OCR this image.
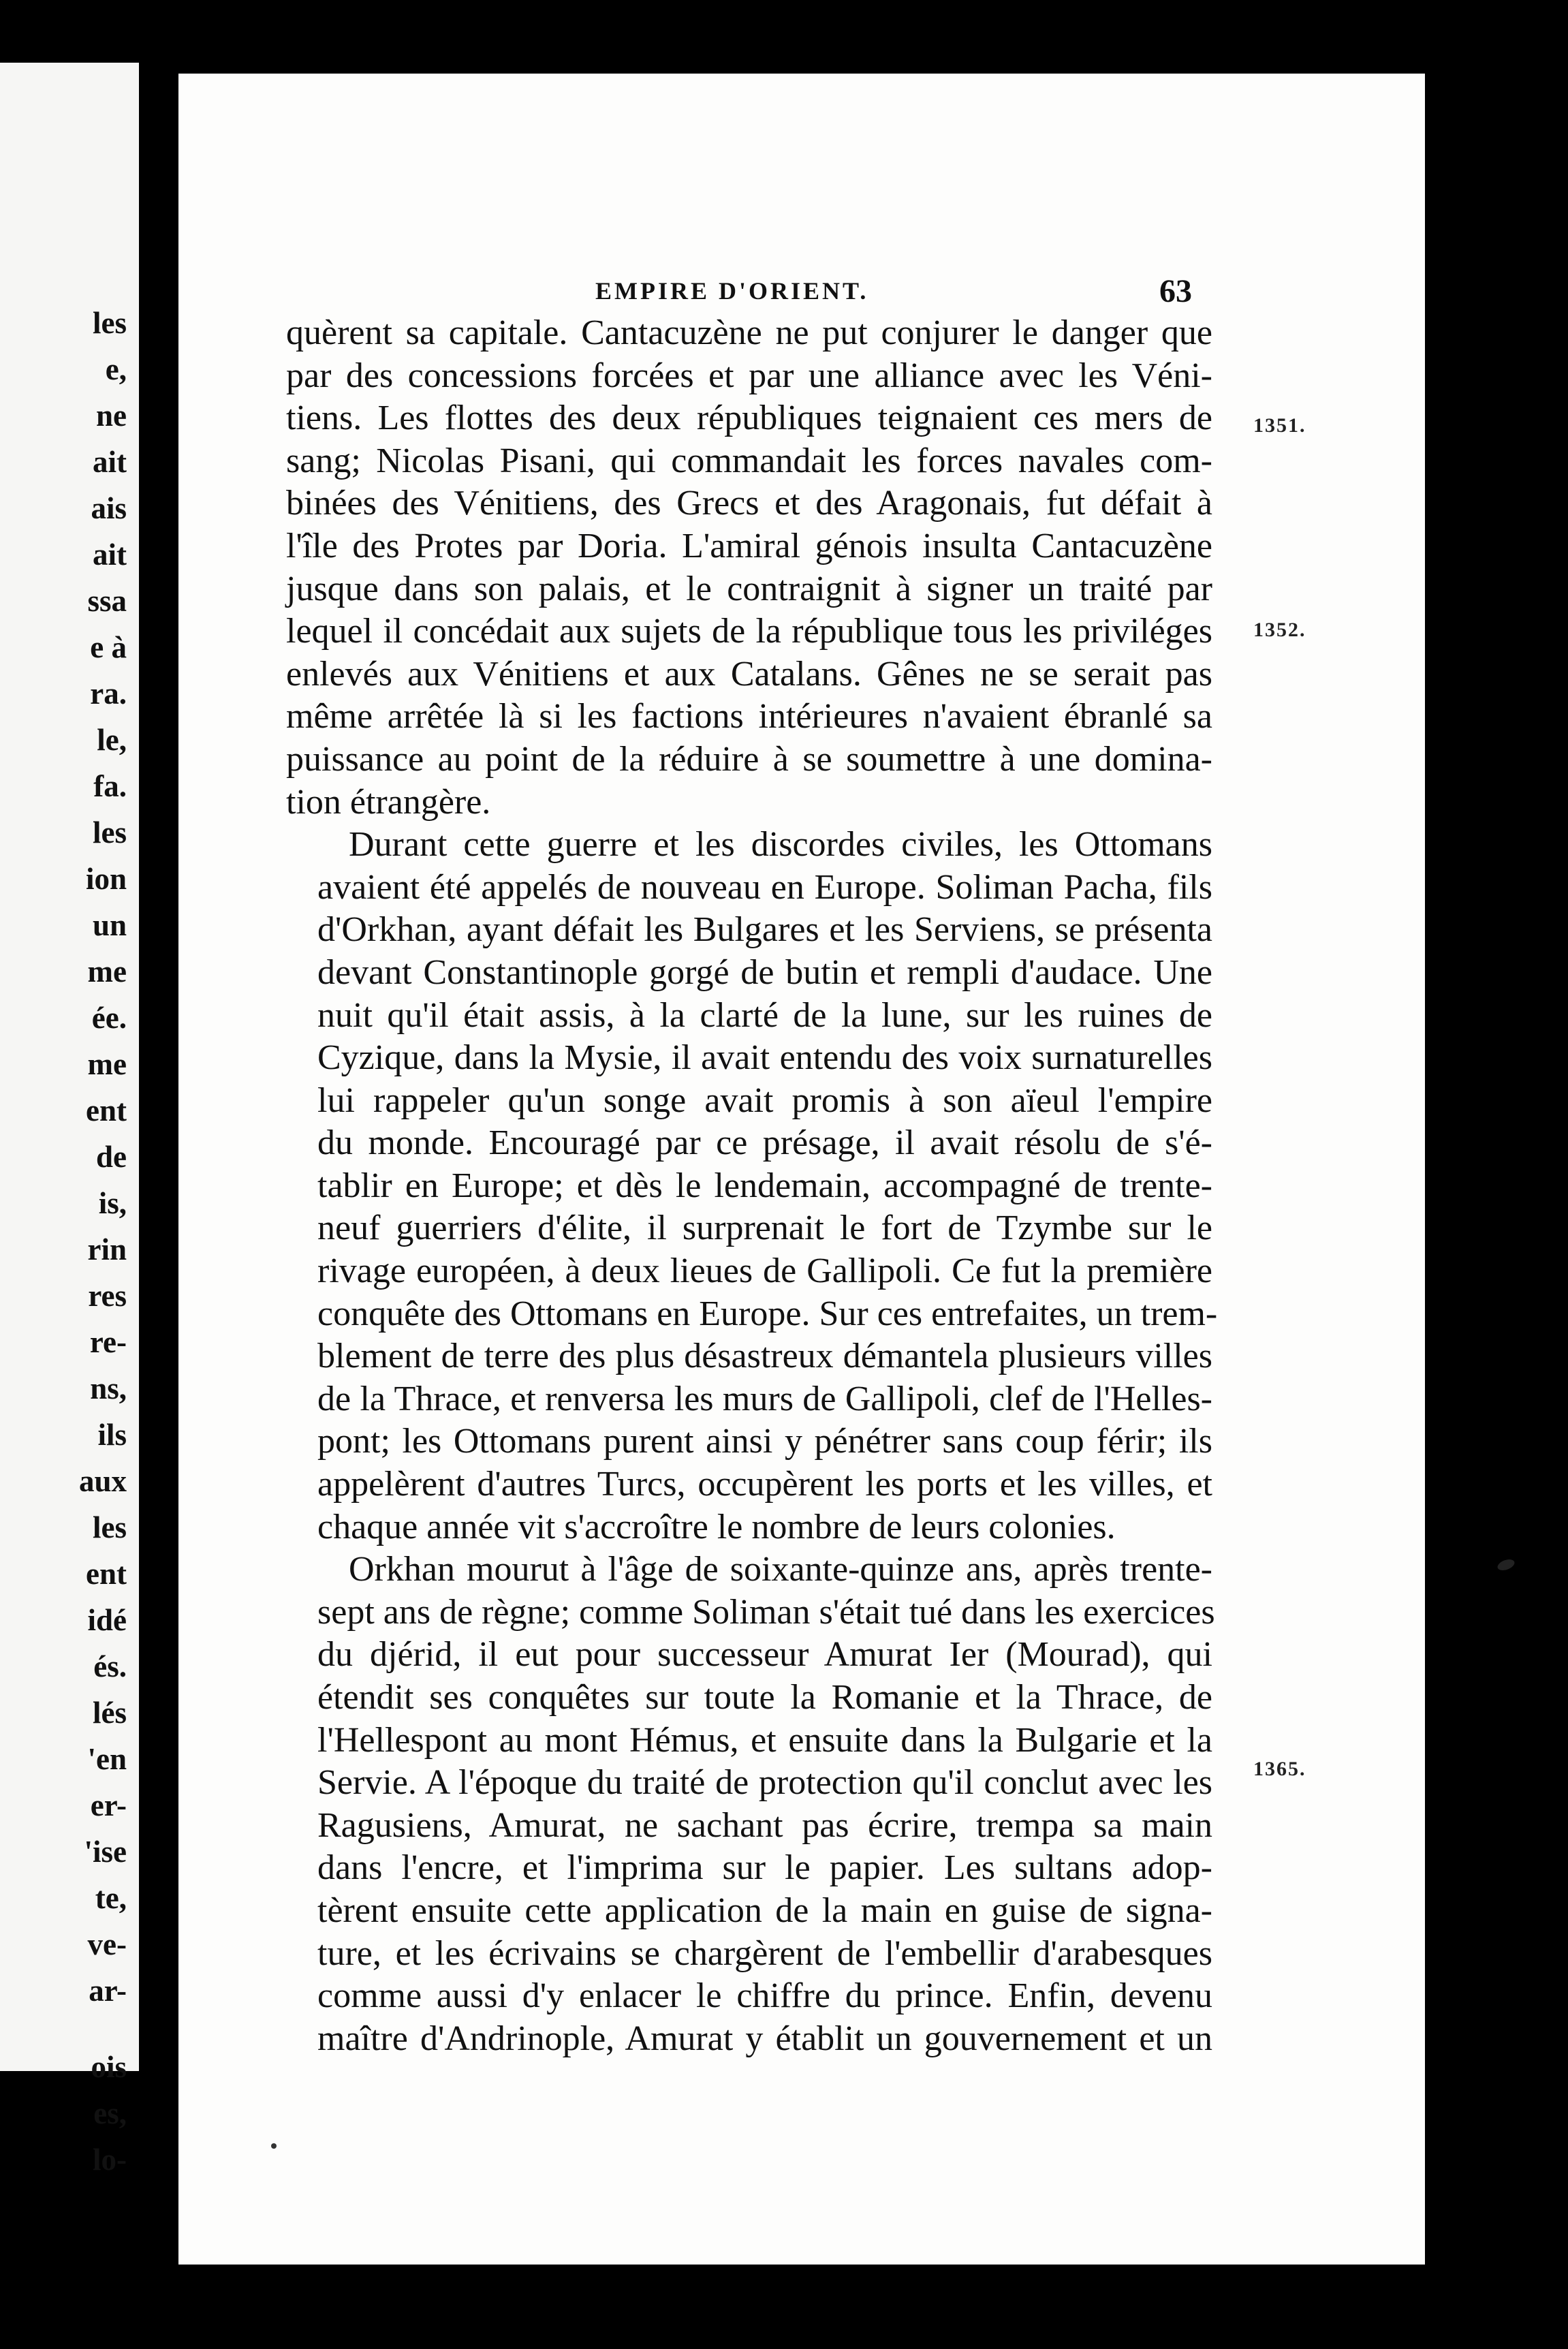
les
e,
ne
ait
ais
ait
ssa
e à
ra.
le,
fa.
les
ion
un
me
ée.
me
ent
de
is,
rin
res
re-
ns,
ils
aux
les
ent
idé
és.
lés
'en
er-
'ise
te,
ve-
ar-
ois
es,
lo-
EMPIRE D'ORIENT.	63
1351.
1352.
1365.

quèrent sa capitale. Cantacuzène ne put conjurer le danger que
par des concessions forcées et par une alliance avec les Véni-
tiens. Les flottes des deux républiques teignaient ces mers de
sang; Nicolas Pisani, qui commandait les forces navales com-
binées des Vénitiens, des Grecs et des Aragonais, fut défait à
l'île des Protes par Doria. L'amiral génois insulta Cantacuzène
jusque dans son palais, et le contraignit à signer un traité par
lequel il concédait aux sujets de la république tous les priviléges
enlevés aux Vénitiens et aux Catalans. Gênes ne se serait pas
même arrêtée là si les factions intérieures n'avaient ébranlé sa
puissance au point de la réduire à se soumettre à une domina-
tion étrangère.

Durant cette guerre et les discordes civiles, les Ottomans
avaient été appelés de nouveau en Europe. Soliman Pacha, fils
d'Orkhan, ayant défait les Bulgares et les Serviens, se présenta
devant Constantinople gorgé de butin et rempli d'audace. Une
nuit qu'il était assis, à la clarté de la lune, sur les ruines de
Cyzique, dans la Mysie, il avait entendu des voix surnaturelles
lui rappeler qu'un songe avait promis à son aïeul l'empire
du monde. Encouragé par ce présage, il avait résolu de s'é-
tablir en Europe; et dès le lendemain, accompagné de trente-
neuf guerriers d'élite, il surprenait le fort de Tzymbe sur le
rivage européen, à deux lieues de Gallipoli. Ce fut la première
conquête des Ottomans en Europe. Sur ces entrefaites, un trem-
blement de terre des plus désastreux démantela plusieurs villes
de la Thrace, et renversa les murs de Gallipoli, clef de l'Helles-
pont; les Ottomans purent ainsi y pénétrer sans coup férir; ils
appelèrent d'autres Turcs, occupèrent les ports et les villes, et
chaque année vit s'accroître le nombre de leurs colonies.

Orkhan mourut à l'âge de soixante-quinze ans, après trente-
sept ans de règne; comme Soliman s'était tué dans les exercices
du djérid, il eut pour successeur Amurat Ier (Mourad), qui
étendit ses conquêtes sur toute la Romanie et la Thrace, de
l'Hellespont au mont Hémus, et ensuite dans la Bulgarie et la
Servie. A l'époque du traité de protection qu'il conclut avec les
Ragusiens, Amurat, ne sachant pas écrire, trempa sa main
dans l'encre, et l'imprima sur le papier. Les sultans adop-
tèrent ensuite cette application de la main en guise de signa-
ture, et les écrivains se chargèrent de l'embellir d'arabesques
comme aussi d'y enlacer le chiffre du prince. Enfin, devenu
maître d'Andrinople, Amurat y établit un gouvernement et un
